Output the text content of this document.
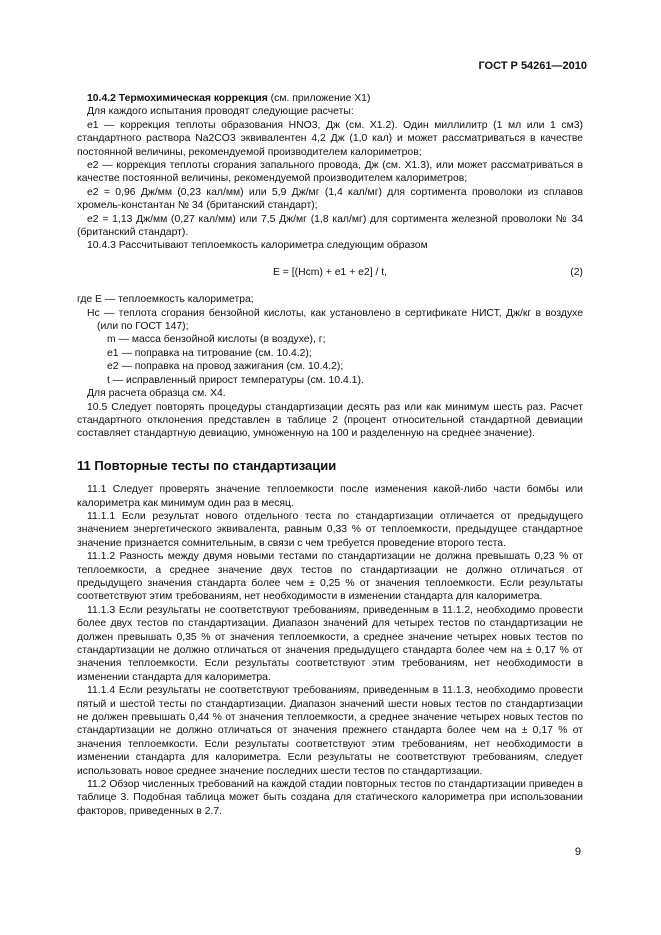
ГОСТ Р 54261—2010

10.4.2 Термохимическая коррекция (см. приложение X1)

Для каждого испытания проводят следующие расчеты:

e1 — коррекция теплоты образования HNO3, Дж (см. X1.2). Один миллилитр (1 мл или 1 см3) стандартного раствора Na2CO3 эквивалентен 4,2 Дж (1,0 кал) и может рассматриваться в качестве постоянной величины, рекомендуемой производителем калориметров;

e2 — коррекция теплоты сгорания запального провода, Дж (см. X1.3), или может рассматриваться в качестве постоянной величины, рекомендуемой производителем калориметров;

e2 = 0,96 Дж/мм (0,23 кал/мм) или 5,9 Дж/мг (1,4 кал/мг) для сортимента проволоки из сплавов хромель-константан № 34 (британский стандарт);

e2 = 1,13 Дж/мм (0,27 кал/мм) или 7,5 Дж/мг (1,8 кал/мг) для сортимента железной проволоки № 34 (британский стандарт).

10.4.3 Рассчитывают теплоемкость калориметра следующим образом

E = [(Hcm) + e1 + e2] / t,	(2)

где E — теплоемкость калориметра;

Hc — теплота сгорания бензойной кислоты, как установлено в сертификате НИСТ, Дж/кг в воздухе (или по ГОСТ 147);

m — масса бензойной кислоты (в воздухе), г;

e1 — поправка на титрование (см. 10.4.2);

e2 — поправка на провод зажигания (см. 10.4.2);

t — исправленный прирост температуры (см. 10.4.1).

Для расчета образца см. X4.

10.5 Следует повторять процедуры стандартизации десять раз или как минимум шесть раз. Расчет стандартного отклонения представлен в таблице 2 (процент относительной стандартной девиации составляет стандартную девиацию, умноженную на 100 и разделенную на среднее значение).

11 Повторные тесты по стандартизации

11.1 Следует проверять значение теплоемкости после изменения какой-либо части бомбы или калориметра как минимум один раз в месяц.

11.1.1 Если результат нового отдельного теста по стандартизации отличается от предыдущего значением энергетического эквивалента, равным 0,33 % от теплоемкости, предыдущее стандартное значение признается сомнительным, в связи с чем требуется проведение второго теста.

11.1.2 Разность между двумя новыми тестами по стандартизации не должна превышать 0,23 % от теплоемкости, а среднее значение двух тестов по стандартизации не должно отличаться от предыдущего значения стандарта более чем ± 0,25 % от значения теплоемкости. Если результаты соответствуют этим требованиям, нет необходимости в изменении стандарта для калориметра.

11.1.3 Если результаты не соответствуют требованиям, приведенным в 11.1.2, необходимо провести более двух тестов по стандартизации. Диапазон значений для четырех тестов по стандартизации не должен превышать 0,35 % от значения теплоемкости, а среднее значение четырех новых тестов по стандартизации не должно отличаться от значения предыдущего стандарта более чем на ± 0,17 % от значения теплоемкости. Если результаты соответствуют этим требованиям, нет необходимости в изменении стандарта для калориметра.

11.1.4 Если результаты не соответствуют требованиям, приведенным в 11.1.3, необходимо провести пятый и шестой тесты по стандартизации. Диапазон значений шести новых тестов по стандартизации не должен превышать 0,44 % от значения теплоемкости, а среднее значение четырех новых тестов по стандартизации не должно отличаться от значения прежнего стандарта более чем на ± 0,17 % от значения теплоемкости. Если результаты соответствуют этим требованиям, нет необходимости в изменении стандарта для калориметра. Если результаты не соответствуют требованиям, следует использовать новое среднее значение последних шести тестов по стандартизации.

11.2 Обзор численных требований на каждой стадии повторных тестов по стандартизации приведен в таблице 3. Подобная таблица может быть создана для статического калориметра при использовании факторов, приведенных в 2.7.

9
